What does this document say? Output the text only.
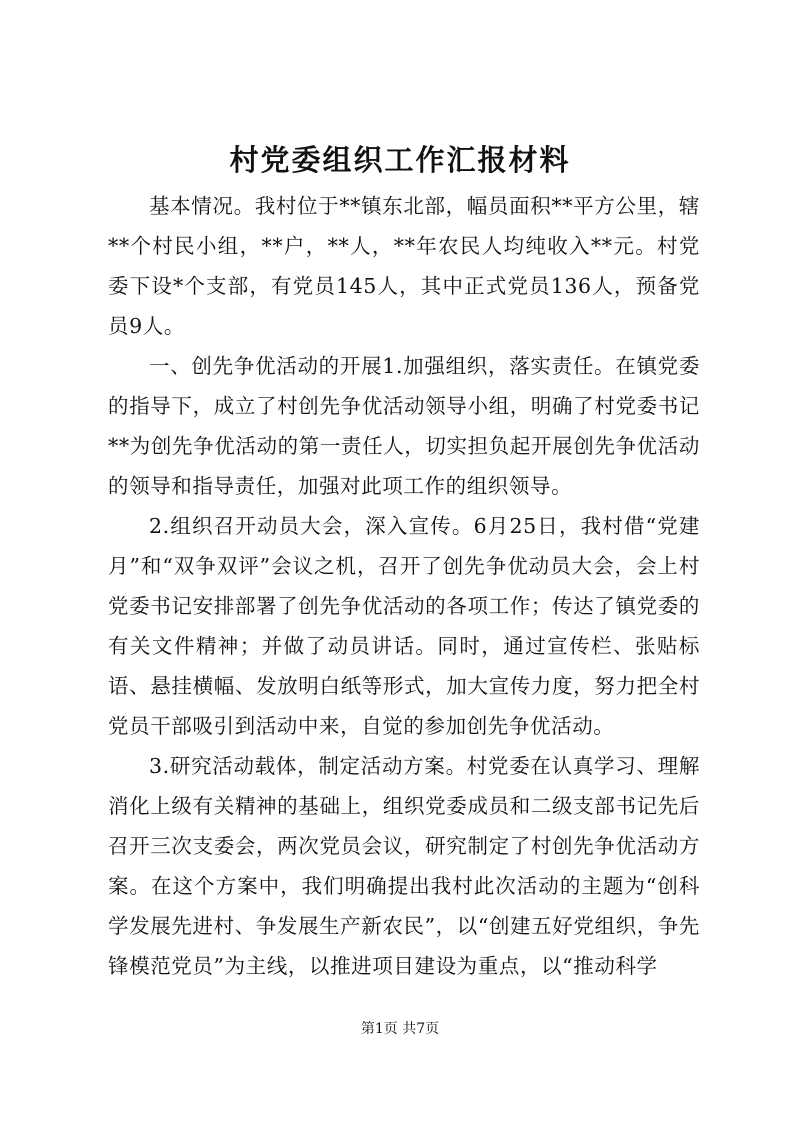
村党委组织工作汇报材料

基本情况。我村位于**镇东北部，幅员面积**平方公里，辖**个村民小组，**户，**人，**年农民人均纯收入**元。村党委下设*个支部，有党员145人，其中正式党员136人，预备党员9人。

一、创先争优活动的开展1.加强组织，落实责任。在镇党委的指导下，成立了村创先争优活动领导小组，明确了村党委书记**为创先争优活动的第一责任人，切实担负起开展创先争优活动的领导和指导责任，加强对此项工作的组织领导。

2.组织召开动员大会，深入宣传。6月25日，我村借“党建月”和“双争双评”会议之机，召开了创先争优动员大会，会上村党委书记安排部署了创先争优活动的各项工作；传达了镇党委的有关文件精神；并做了动员讲话。同时，通过宣传栏、张贴标语、悬挂横幅、发放明白纸等形式，加大宣传力度，努力把全村党员干部吸引到活动中来，自觉的参加创先争优活动。

3.研究活动载体，制定活动方案。村党委在认真学习、理解消化上级有关精神的基础上，组织党委成员和二级支部书记先后召开三次支委会，两次党员会议，研究制定了村创先争优活动方案。在这个方案中，我们明确提出我村此次活动的主题为“创科学发展先进村、争发展生产新农民”，以“创建五好党组织，争先锋模范党员”为主线，以推进项目建设为重点，以“推动科学

第1页 共7页
